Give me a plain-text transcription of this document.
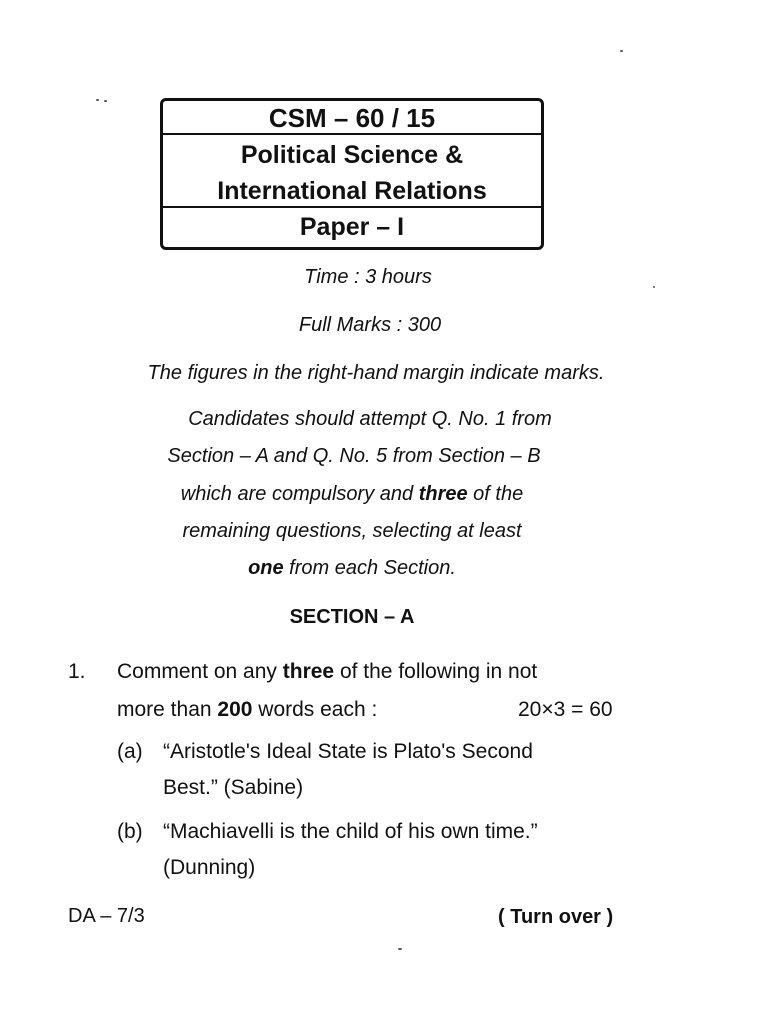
CSM – 60 / 15
Political Science &
International Relations
Paper – I
Time : 3 hours
Full Marks : 300
The figures in the right-hand margin indicate marks.
Candidates should attempt Q. No. 1 from
Section – A and Q. No. 5 from Section – B
which are compulsory and three of the
remaining questions, selecting at least
one from each Section.
SECTION – A
1. Comment on any three of the following in not
more than 200 words each :	20×3 = 60
(a) “Aristotle's Ideal State is Plato's Second
Best.” (Sabine)
(b) “Machiavelli is the child of his own time.”
(Dunning)
DA – 7/3	( Turn over )
